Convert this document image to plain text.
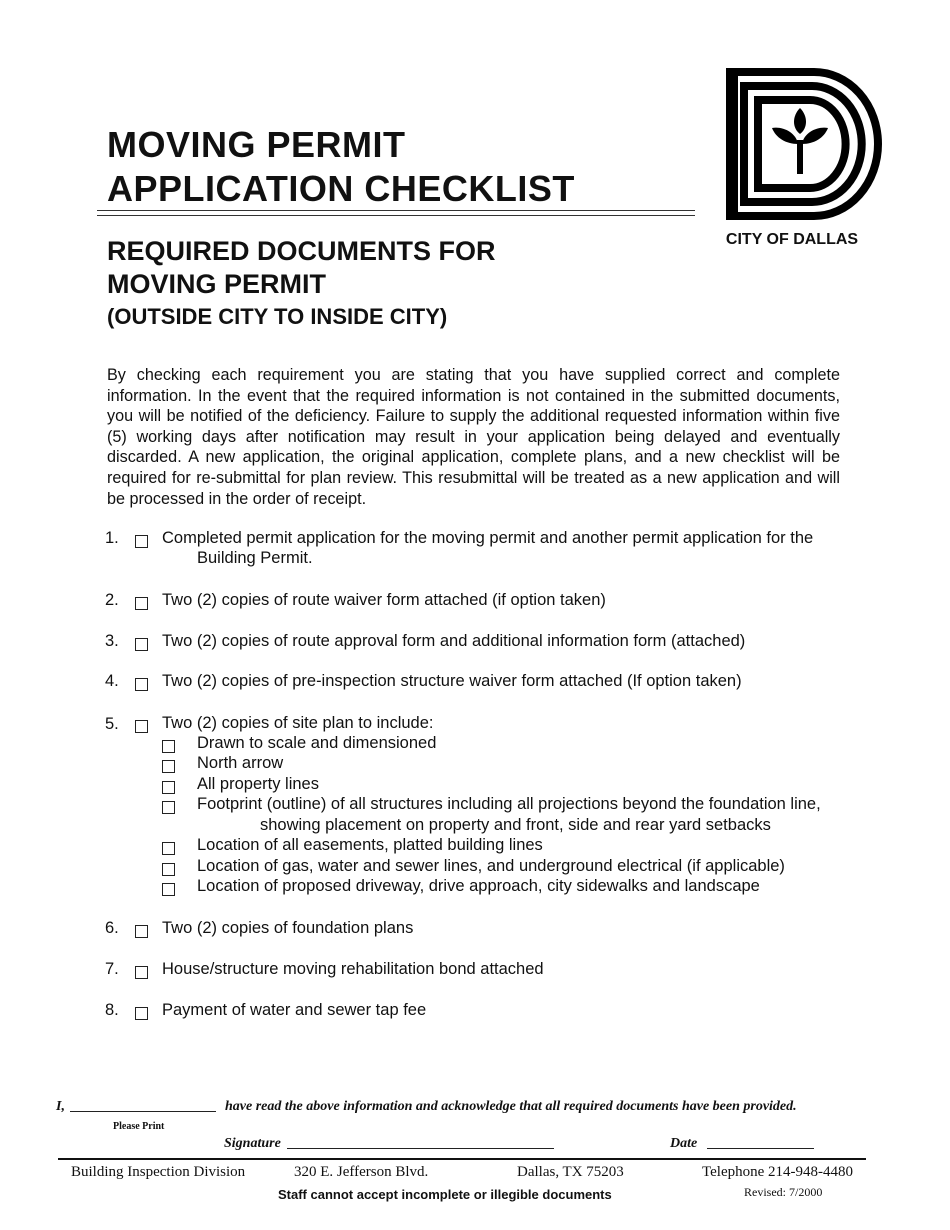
MOVING PERMIT
APPLICATION CHECKLIST
REQUIRED DOCUMENTS FOR
MOVING PERMIT
(OUTSIDE CITY TO INSIDE CITY)
CITY OF DALLAS
By checking each requirement you are stating that you have supplied correct and complete information. In the event that the required information is not contained in the submitted documents, you will be notified of the deficiency. Failure to supply the additional requested information within five (5) working days after notification may result in your application being delayed and eventually discarded. A new application, the original application, complete plans, and a new checklist will be required for re-submittal for plan review. This resubmittal will be treated as a new application and will be processed in the order of receipt.
1.	Completed permit application for the moving permit and another permit application for the
Building Permit.
2.	Two (2) copies of route waiver form attached (if option taken)
3.	Two (2) copies of route approval form and additional information form (attached)
4.	Two (2) copies of pre-inspection structure waiver form attached (If option taken)
5.	Two (2) copies of site plan to include:
Drawn to scale and dimensioned
North arrow
All property lines
Footprint (outline) of all structures including all projections beyond the foundation line,
showing placement on property and front, side and rear yard setbacks
Location of all easements, platted building lines
Location of gas, water and sewer lines, and underground electrical (if applicable)
Location of proposed driveway, drive approach, city sidewalks and landscape
6.	Two (2) copies of foundation plans
7.	House/structure moving rehabilitation bond attached
8.	Payment of water and sewer tap fee
I,	have read the above information and acknowledge that all required documents have been provided.
Please Print
Signature	Date
Building Inspection Division	320 E. Jefferson Blvd.	Dallas, TX 75203	Telephone 214-948-4480
Staff cannot accept incomplete or illegible documents	Revised: 7/2000
